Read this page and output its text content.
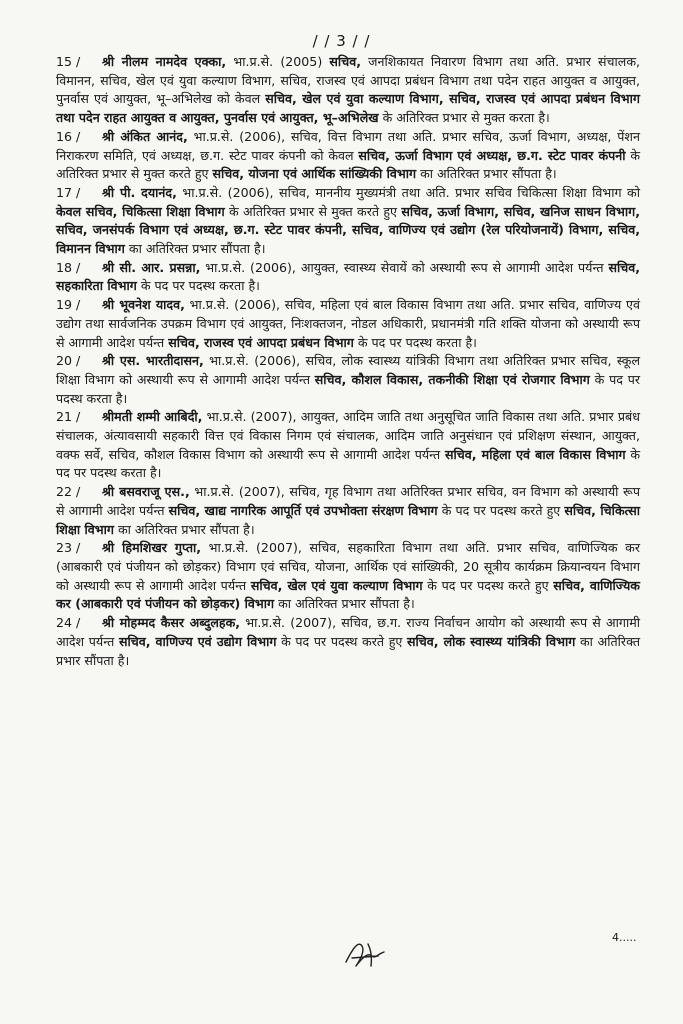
/ / 3 / /
15 / श्री नीलम नामदेव एक्का, भा.प्र.से. (2005) सचिव, जनशिकायत निवारण विभाग तथा अति. प्रभार संचालक, विमानन, सचिव, खेल एवं युवा कल्याण विभाग, सचिव, राजस्व एवं आपदा प्रबंधन विभाग तथा पदेन राहत आयुक्त व आयुक्त, पुनर्वास एवं आयुक्त, भू–अभिलेख को केवल सचिव, खेल एवं युवा कल्याण विभाग, सचिव, राजस्व एवं आपदा प्रबंधन विभाग तथा पदेन राहत आयुक्त व आयुक्त, पुनर्वास एवं आयुक्त, भू–अभिलेख के अतिरिक्त प्रभार से मुक्त करता है।
16 / श्री अंकित आनंद, भा.प्र.से. (2006), सचिव, वित्त विभाग तथा अति. प्रभार सचिव, ऊर्जा विभाग, अध्यक्ष, पेंशन निराकरण समिति, एवं अध्यक्ष, छ.ग. स्टेट पावर कंपनी को केवल सचिव, ऊर्जा विभाग एवं अध्यक्ष, छ.ग. स्टेट पावर कंपनी के अतिरिक्त प्रभार से मुक्त करते हुए सचिव, योजना एवं आर्थिक सांख्यिकी विभाग का अतिरिक्त प्रभार सौंपता है।
17 / श्री पी. दयानंद, भा.प्र.से. (2006), सचिव, माननीय मुख्यमंत्री तथा अति. प्रभार सचिव चिकित्सा शिक्षा विभाग को केवल सचिव, चिकित्सा शिक्षा विभाग के अतिरिक्त प्रभार से मुक्त करते हुए सचिव, ऊर्जा विभाग, सचिव, खनिज साधन विभाग, सचिव, जनसंपर्क विभाग एवं अध्यक्ष, छ.ग. स्टेट पावर कंपनी, सचिव, वाणिज्य एवं उद्योग (रेल परियोजनायें) विभाग, सचिव, विमानन विभाग का अतिरिक्त प्रभार सौंपता है।
18 / श्री सी. आर. प्रसन्ना, भा.प्र.से. (2006), आयुक्त, स्वास्थ्य सेवायें को अस्थायी रूप से आगामी आदेश पर्यन्त सचिव, सहकारिता विभाग के पद पर पदस्थ करता है।
19 / श्री भूवनेश यादव, भा.प्र.से. (2006), सचिव, महिला एवं बाल विकास विभाग तथा अति. प्रभार सचिव, वाणिज्य एवं उद्योग तथा सार्वजनिक उपक्रम विभाग एवं आयुक्त, निःशक्तजन, नोडल अधिकारी, प्रधानमंत्री गति शक्ति योजना को अस्थायी रूप से आगामी आदेश पर्यन्त सचिव, राजस्व एवं आपदा प्रबंधन विभाग के पद पर पदस्थ करता है।
20 / श्री एस. भारतीदासन, भा.प्र.से. (2006), सचिव, लोक स्वास्थ्य यांत्रिकी विभाग तथा अतिरिक्त प्रभार सचिव, स्कूल शिक्षा विभाग को अस्थायी रूप से आगामी आदेश पर्यन्त सचिव, कौशल विकास, तकनीकी शिक्षा एवं रोजगार विभाग के पद पर पदस्थ करता है।
21 / श्रीमती शम्मी आबिदी, भा.प्र.से. (2007), आयुक्त, आदिम जाति तथा अनुसूचित जाति विकास तथा अति. प्रभार प्रबंध संचालक, अंत्यावसायी सहकारी वित्त एवं विकास निगम एवं संचालक, आदिम जाति अनुसंधान एवं प्रशिक्षण संस्थान, आयुक्त, वक्फ सर्वे, सचिव, कौशल विकास विभाग को अस्थायी रूप से आगामी आदेश पर्यन्त सचिव, महिला एवं बाल विकास विभाग के पद पर पदस्थ करता है।
22 / श्री बसवराजू एस., भा.प्र.से. (2007), सचिव, गृह विभाग तथा अतिरिक्त प्रभार सचिव, वन विभाग को अस्थायी रूप से आगामी आदेश पर्यन्त सचिव, खाद्य नागरिक आपूर्ति एवं उपभोक्ता संरक्षण विभाग के पद पर पदस्थ करते हुए सचिव, चिकित्सा शिक्षा विभाग का अतिरिक्त प्रभार सौंपता है।
23 / श्री हिमशिखर गुप्ता, भा.प्र.से. (2007), सचिव, सहकारिता विभाग तथा अति. प्रभार सचिव, वाणिज्यिक कर (आबकारी एवं पंजीयन को छोड़कर) विभाग एवं सचिव, योजना, आर्थिक एवं सांख्यिकी, 20 सूत्रीय कार्यक्रम क्रियान्वयन विभाग को अस्थायी रूप से आगामी आदेश पर्यन्त सचिव, खेल एवं युवा कल्याण विभाग के पद पर पदस्थ करते हुए सचिव, वाणिज्यिक कर (आबकारी एवं पंजीयन को छोड़कर) विभाग का अतिरिक्त प्रभार सौंपता है।
24 / श्री मोहम्मद कैसर अब्दुलहक, भा.प्र.से. (2007), सचिव, छ.ग. राज्य निर्वाचन आयोग को अस्थायी रूप से आगामी आदेश पर्यन्त सचिव, वाणिज्य एवं उद्योग विभाग के पद पर पदस्थ करते हुए सचिव, लोक स्वास्थ्य यांत्रिकी विभाग का अतिरिक्त प्रभार सौंपता है।
4.....
